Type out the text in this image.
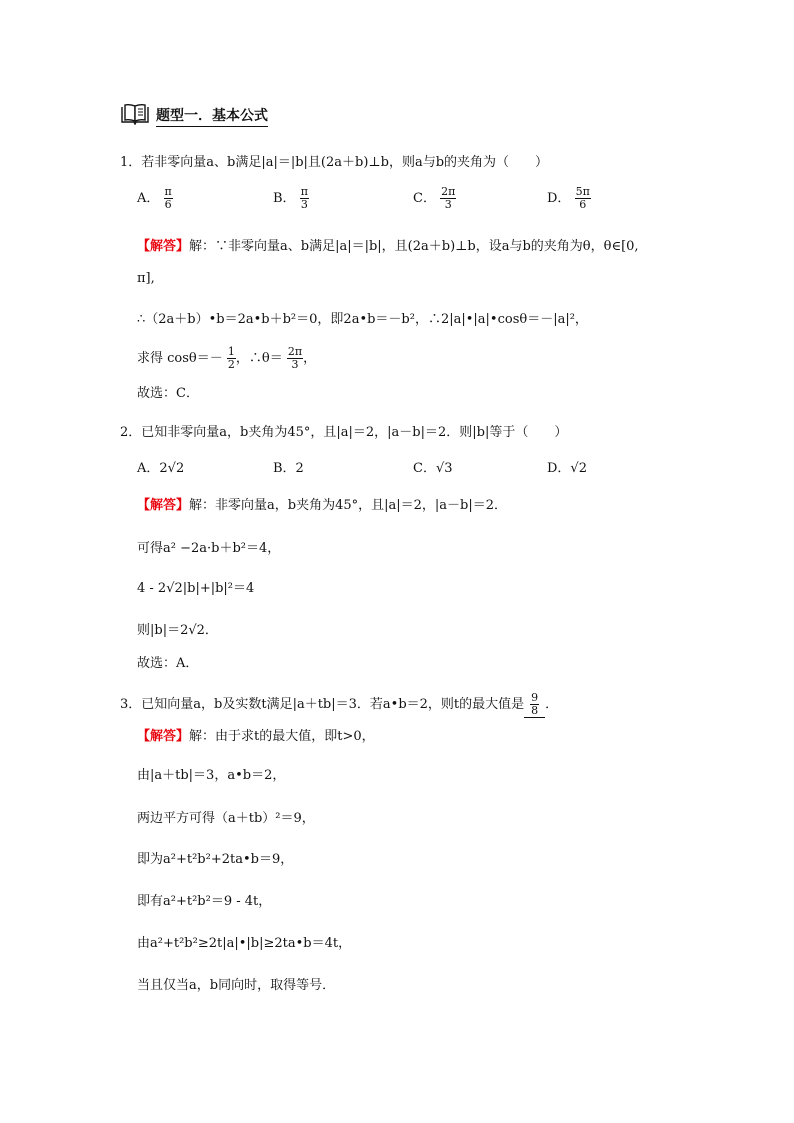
题型一．基本公式
1．若非零向量a、b满足|a|＝|b|且(2a＋b)⊥b，则a与b的夹角为（　　）
A． $\frac{\pi}{6}$	B． $\frac{\pi}{3}$	C． $\frac{2\pi}{3}$	D． $\frac{5\pi}{6}$
【解答】解：∵非零向量a、b满足|a|＝|b|，且(2a＋b)⊥b，设a与b的夹角为θ，θ∈[0,
π],
∴（2a＋b）•b＝2a•b＋b²＝0，即2a•b＝－b²，∴2|a|•|a|•cosθ＝－|a|²，
求得 $\cos\theta=- \frac{1}{2}$ ，∴θ＝ $\frac{2\pi}{3}$ ，
故选：C．
2．已知非零向量a，b夹角为45°，且|a|＝2，|a－b|＝2．则|b|等于（　　）
A．2√2	B．2	C．√3	D．√2
【解答】解：非零向量a，b夹角为45°，且|a|＝2，|a－b|＝2．
可得a² −2a·b＋b²＝4，
4 - 2√2|b|+|b|²＝4
则|b|＝2√2．
故选：A．
3．已知向量a，b及实数t满足|a＋tb|＝3．若a•b＝2，则t的最大值是 $\frac{9}{8}$ ．
【解答】解：由于求t的最大值，即t>0，
由|a＋tb|＝3，a•b＝2，
两边平方可得（a＋tb）²＝9，
即为a²+t²b²+2ta•b＝9，
即有a²+t²b²＝9 - 4t，
由a²+t²b²≥2t|a|•|b|≥2ta•b＝4t，
当且仅当a，b同向时，取得等号．
